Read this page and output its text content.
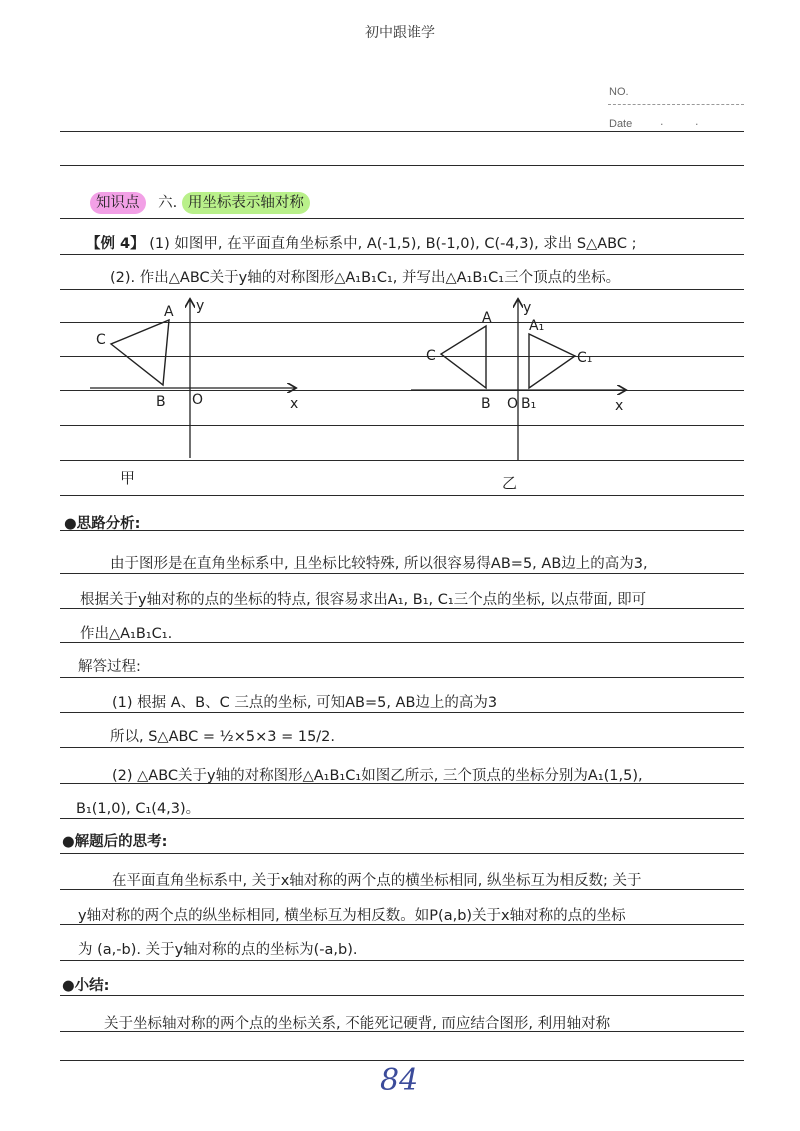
初中跟谁学
NO.
Date	· ·
知识点 六. 用坐标表示轴对称
【例 4】 (1) 如图甲, 在平面直角坐标系中, A(-1,5), B(-1,0), C(-4,3), 求出 S△ABC ;
(2). 作出△ABC关于y轴的对称图形△A₁B₁C₁, 并写出△A₁B₁C₁三个顶点的坐标。
A
B
C
O	x
y
甲
A
B
C
O B₁
A₁
C₁
x
y
乙
●思路分析:
由于图形是在直角坐标系中, 且坐标比较特殊, 所以很容易得AB=5, AB边上的高为3,
根据关于y轴对称的点的坐标的特点, 很容易求出A₁, B₁, C₁三个点的坐标, 以点带面, 即可
作出△A₁B₁C₁.
解答过程:
(1) 根据 A、B、C 三点的坐标, 可知AB=5, AB边上的高为3
所以, S△ABC = ½×5×3 = 15/2.
(2) △ABC关于y轴的对称图形△A₁B₁C₁如图乙所示, 三个顶点的坐标分别为A₁(1,5),
B₁(1,0), C₁(4,3)。
●解题后的思考:
在平面直角坐标系中, 关于x轴对称的两个点的横坐标相同, 纵坐标互为相反数; 关于
y轴对称的两个点的纵坐标相同, 横坐标互为相反数。如P(a,b)关于x轴对称的点的坐标
为 (a,-b). 关于y轴对称的点的坐标为(-a,b).
●小结:
关于坐标轴对称的两个点的坐标关系, 不能死记硬背, 而应结合图形, 利用轴对称
84
